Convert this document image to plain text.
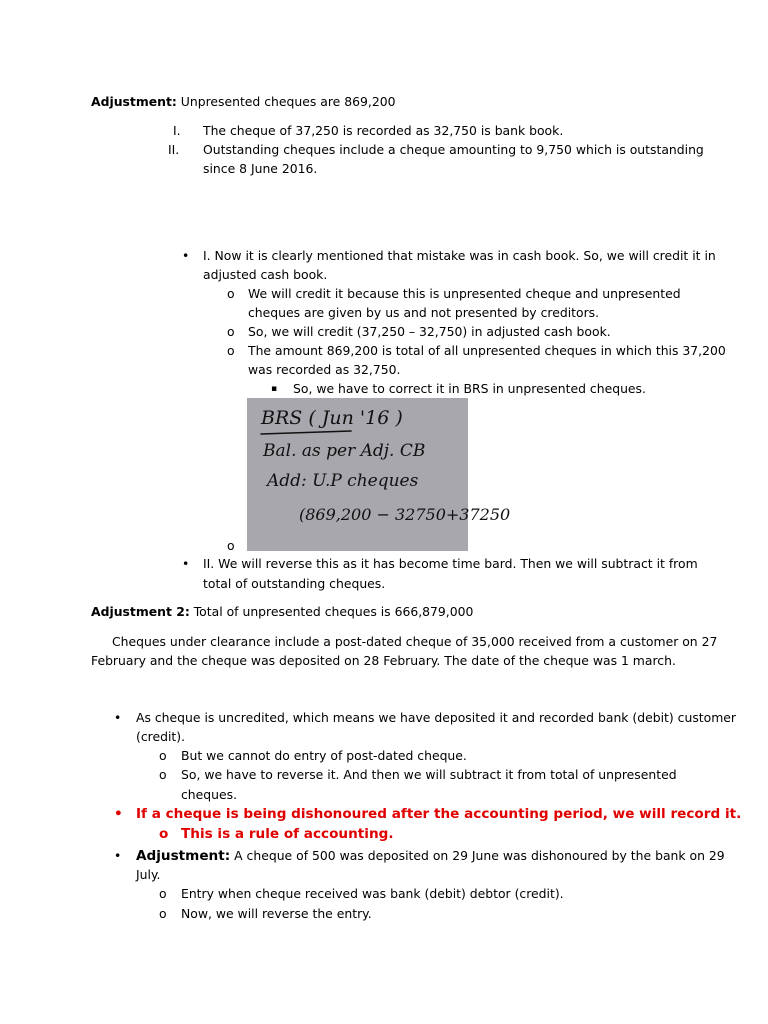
Adjustment: Unpresented cheques are 869,200
I. The cheque of 37,250 is recorded as 32,750 is bank book.
II. Outstanding cheques include a cheque amounting to 9,750 which is outstanding
since 8 June 2016.
• I. Now it is clearly mentioned that mistake was in cash book. So, we will credit it in
adjusted cash book.
o We will credit it because this is unpresented cheque and unpresented
cheques are given by us and not presented by creditors.
o So, we will credit (37,250 – 32,750) in adjusted cash book.
o The amount 869,200 is total of all unpresented cheques in which this 37,200
was recorded as 32,750.
▪ So, we have to correct it in BRS in unpresented cheques.
BRS ( Jun '16 )
Bal. as per Adj. CB
Add: U.P cheques
(869,200 − 32750+37250
o
• II. We will reverse this as it has become time bard. Then we will subtract it from
total of outstanding cheques.
Adjustment 2: Total of unpresented cheques is 666,879,000
Cheques under clearance include a post-dated cheque of 35,000 received from a customer on 27
February and the cheque was deposited on 28 February. The date of the cheque was 1 march.
• As cheque is uncredited, which means we have deposited it and recorded bank (debit) customer
(credit).
o But we cannot do entry of post-dated cheque.
o So, we have to reverse it. And then we will subtract it from total of unpresented
cheques.
• If a cheque is being dishonoured after the accounting period, we will record it.
o This is a rule of accounting.
• Adjustment: A cheque of 500 was deposited on 29 June was dishonoured by the bank on 29
July.
o Entry when cheque received was bank (debit) debtor (credit).
o Now, we will reverse the entry.
